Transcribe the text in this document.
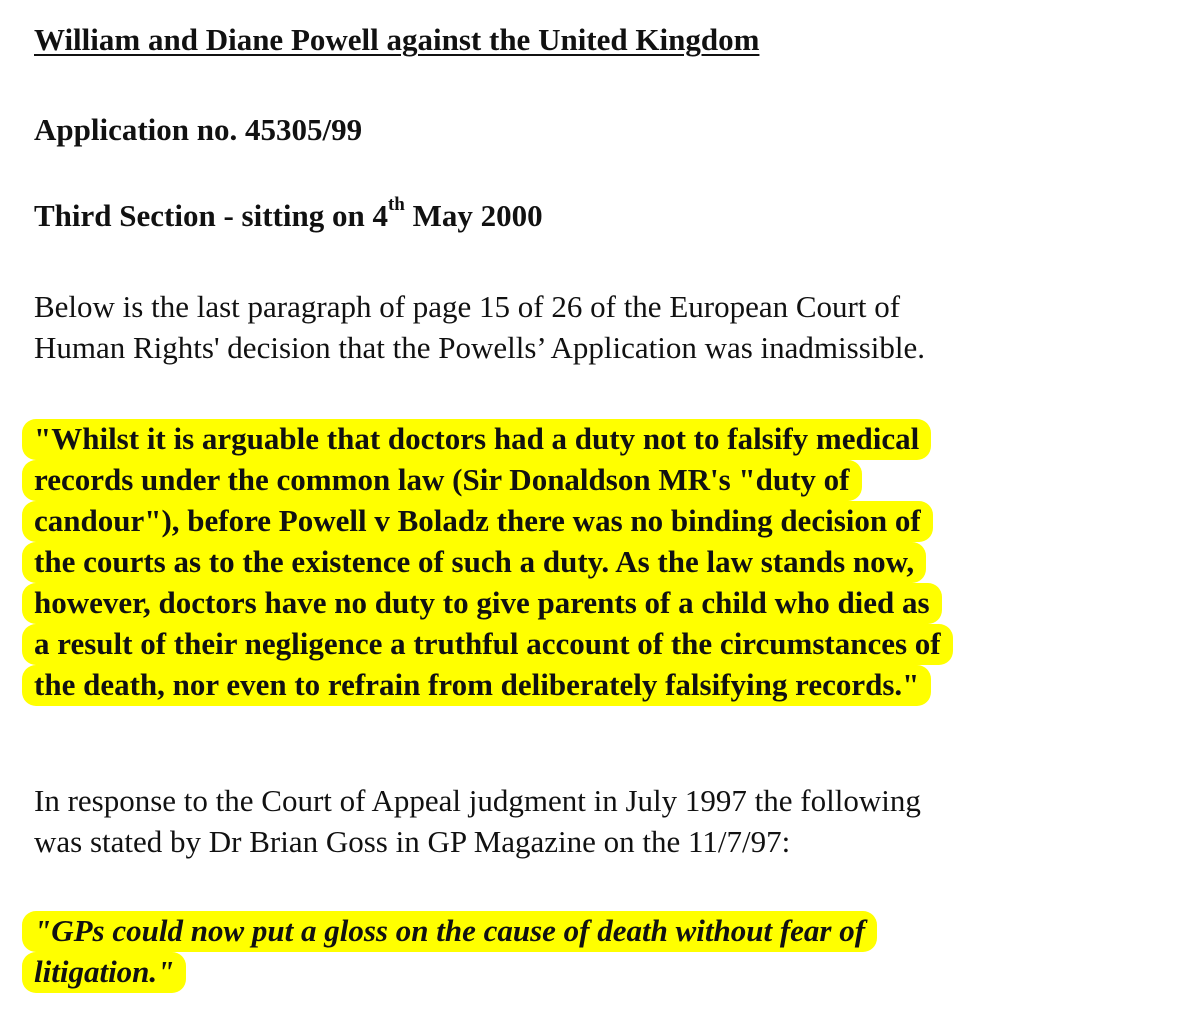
William and Diane Powell against the United Kingdom
Application no. 45305/99
Third Section - sitting on 4th May 2000
Below is the last paragraph of page 15 of 26 of the European Court of
Human Rights' decision that the Powells’ Application was inadmissible.
"Whilst it is arguable that doctors had a duty not to falsify medical
records under the common law (Sir Donaldson MR's "duty of
candour"), before Powell v Boladz there was no binding decision of
the courts as to the existence of such a duty. As the law stands now,
however, doctors have no duty to give parents of a child who died as
a result of their negligence a truthful account of the circumstances of
the death, nor even to refrain from deliberately falsifying records."
In response to the Court of Appeal judgment in July 1997 the following
was stated by Dr Brian Goss in GP Magazine on the 11/7/97:
"GPs could now put a gloss on the cause of death without fear of
litigation."
